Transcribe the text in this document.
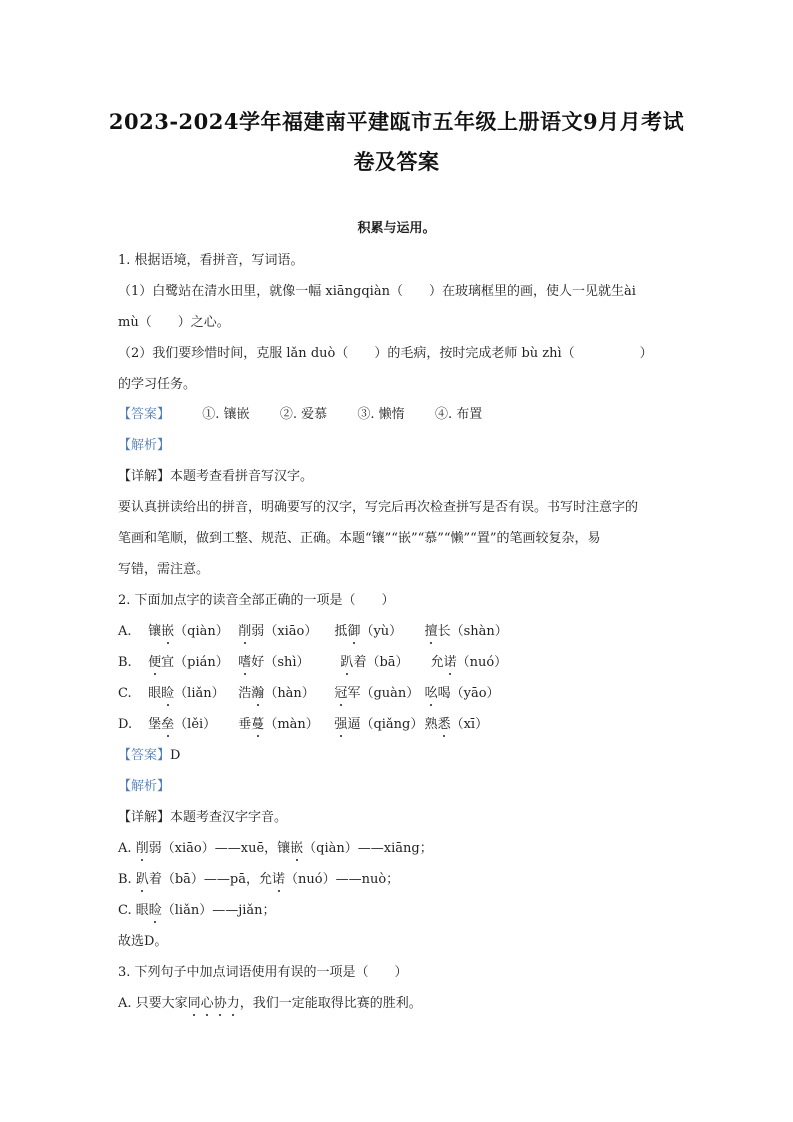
2023-2024学年福建南平建瓯市五年级上册语文9月月考试
卷及答案
积累与运用。
1. 根据语境，看拼音，写词语。
（1）白鹭站在清水田里，就像一幅 xiāngqiàn（　　）在玻璃框里的画，使人一见就生ài
mù（　　）之心。
（2）我们要珍惜时间，克服 lǎn duò（　　）的毛病，按时完成老师 bù zhì（　　　　　）
的学习任务。
【答案】 ①. 镶嵌 ②. 爱慕 ③. 懒惰 ④. 布置
【解析】
【详解】本题考查看拼音写汉字。
要认真拼读给出的拼音，明确要写的汉字，写完后再次检查拼写是否有误。书写时注意字的
笔画和笔顺，做到工整、规范、正确。本题“镶”“嵌”“慕”“懒”“置”的笔画较复杂，易
写错，需注意。
2. 下面加点字的读音全部正确的一项是（　　）
A. 镶嵌（qiàn） 削弱（xiāo） 抵御（yù） 擅长（shàn）
B. 便宜（pián） 嗜好（shì） 趴着（bā） 允诺（nuó）
C. 眼睑（liǎn） 浩瀚（hàn） 冠军（guàn） 吆喝（yāo）
D. 堡垒（lěi） 垂蔓（màn） 强逼（qiǎng） 熟悉（xī）
【答案】D
【解析】
【详解】本题考查汉字字音。
A. 削弱（xiāo）——xuē，镶嵌（qiàn）——xiāng；
B. 趴着（bā）——pā，允诺（nuó）——nuò；
C. 眼睑（liǎn）——jiǎn；
故选D。
3. 下列句子中加点词语使用有误的一项是（　　）
A. 只要大家同心协力，我们一定能取得比赛的胜利。
